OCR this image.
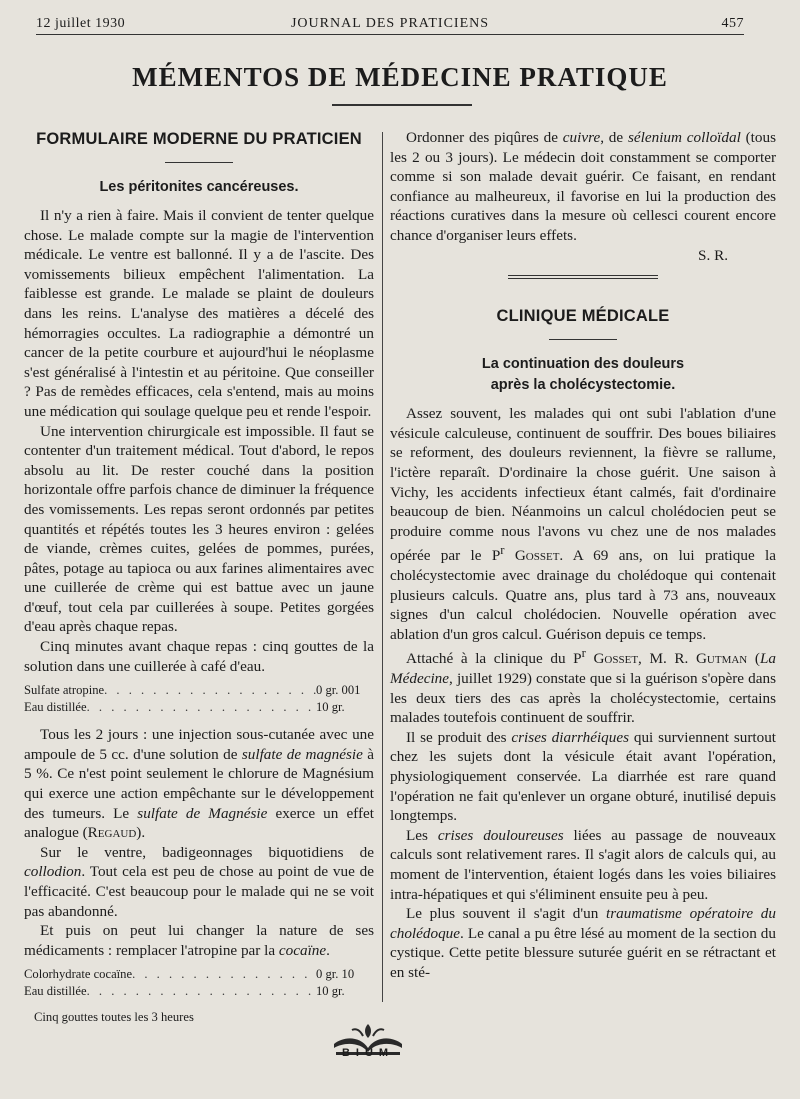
12 juillet 1930	JOURNAL DES PRATICIENS	457
MÉMENTOS DE MÉDECINE PRATIQUE
FORMULAIRE MODERNE DU PRATICIEN
Les péritonites cancéreuses.

Il n'y a rien à faire. Mais il convient de tenter quelque chose. Le malade compte sur la magie de l'intervention médicale. Le ventre est ballonné. Il y a de l'ascite. Des vomissements bilieux empêchent l'alimentation. La faiblesse est grande. Le malade se plaint de douleurs dans les reins. L'analyse des matières a décelé des hémorragies occultes. La radiographie a démontré un cancer de la petite courbure et aujourd'hui le néoplasme s'est généralisé à l'intestin et au péritoine. Que conseiller ? Pas de remèdes efficaces, cela s'entend, mais au moins une médication qui soulage quelque peu et rende l'espoir.

Une intervention chirurgicale est impossible. Il faut se contenter d'un traitement médical. Tout d'abord, le repos absolu au lit. De rester couché dans la position horizontale offre parfois chance de diminuer la fréquence des vomissements. Les repas seront ordonnés par petites quantités et répétés toutes les 3 heures environ : gelées de viande, crèmes cuites, gelées de pommes, purées, pâtes, potage au tapioca ou aux farines alimentaires avec une cuillerée de crème qui est battue avec un jaune d'œuf, tout cela par cuillerées à soupe. Petites gorgées d'eau après chaque repas.

Cinq minutes avant chaque repas : cinq gouttes de la solution dans une cuillerée à café d'eau.

Sulfate atropine . . .	0 gr. 001
Eau distillée . . .	10 gr.

Tous les 2 jours : une injection sous-cutanée avec une ampoule de 5 cc. d'une solution de sulfate de magnésie à 5 %. Ce n'est point seulement le chlorure de Magnésium qui exerce une action empêchante sur le développement des tumeurs. Le sulfate de Magnésie exerce un effet analogue (Regaud).

Sur le ventre, badigeonnages biquotidiens de collodion. Tout cela est peu de chose au point de vue de l'efficacité. C'est beaucoup pour le malade qui ne se voit pas abandonné.

Et puis on peut lui changer la nature de ses médicaments : remplacer l'atropine par la cocaïne.

Colorhydrate cocaïne . . .	0 gr. 10
Eau distillée . . .	10 gr.

Cinq gouttes toutes les 3 heures

Ordonner des piqûres de cuivre, de sélenium colloïdal (tous les 2 ou 3 jours). Le médecin doit constamment se comporter comme si son malade devait guérir. Ce faisant, en rendant confiance au malheureux, il favorise en lui la production des réactions curatives dans la mesure où cellesci courent encore chance d'organiser leurs effets.

S. R.

CLINIQUE MÉDICALE
La continuation des douleurs
après la cholécystectomie.

Assez souvent, les malades qui ont subi l'ablation d'une vésicule calculeuse, continuent de souffrir. Des boues biliaires se reforment, des douleurs reviennent, la fièvre se rallume, l'ictère reparaît. D'ordinaire la chose guérit. Une saison à Vichy, les accidents infectieux étant calmés, fait d'ordinaire beaucoup de bien. Néanmoins un calcul cholédocien peut se produire comme nous l'avons vu chez une de nos malades opérée par le $P^r$ Gosset. A 69 ans, on lui pratique la cholécystectomie avec drainage du cholédoque qui contenait plusieurs calculs. Quatre ans, plus tard à 73 ans, nouveaux signes d'un calcul cholédocien. Nouvelle opération avec ablation d'un gros calcul. Guérison depuis ce temps.

Attaché à la clinique du $P^r$ Gosset, M. R. Gutman (La Médecine, juillet 1929) constate que si la guérison s'opère dans les deux tiers des cas après la cholécystectomie, certains malades toutefois continuent de souffrir.

Il se produit des crises diarrhéiques qui surviennent surtout chez les sujets dont la vésicule était avant l'opération, physiologiquement conservée. La diarrhée est rare quand l'opération ne fait qu'enlever un organe obturé, inutilisé depuis longtemps.

Les crises douloureuses liées au passage de nouveaux calculs sont relativement rares. Il s'agit alors de calculs qui, au moment de l'intervention, étaient logés dans les voies biliaires intra-hépatiques et qui s'éliminent ensuite peu à peu.

Le plus souvent il s'agit d'un traumatisme opératoire du cholédoque. Le canal a pu être lésé au moment de la section du cystique. Cette petite blessure suturée guérit en se rétractant et en sté-

BIUM
